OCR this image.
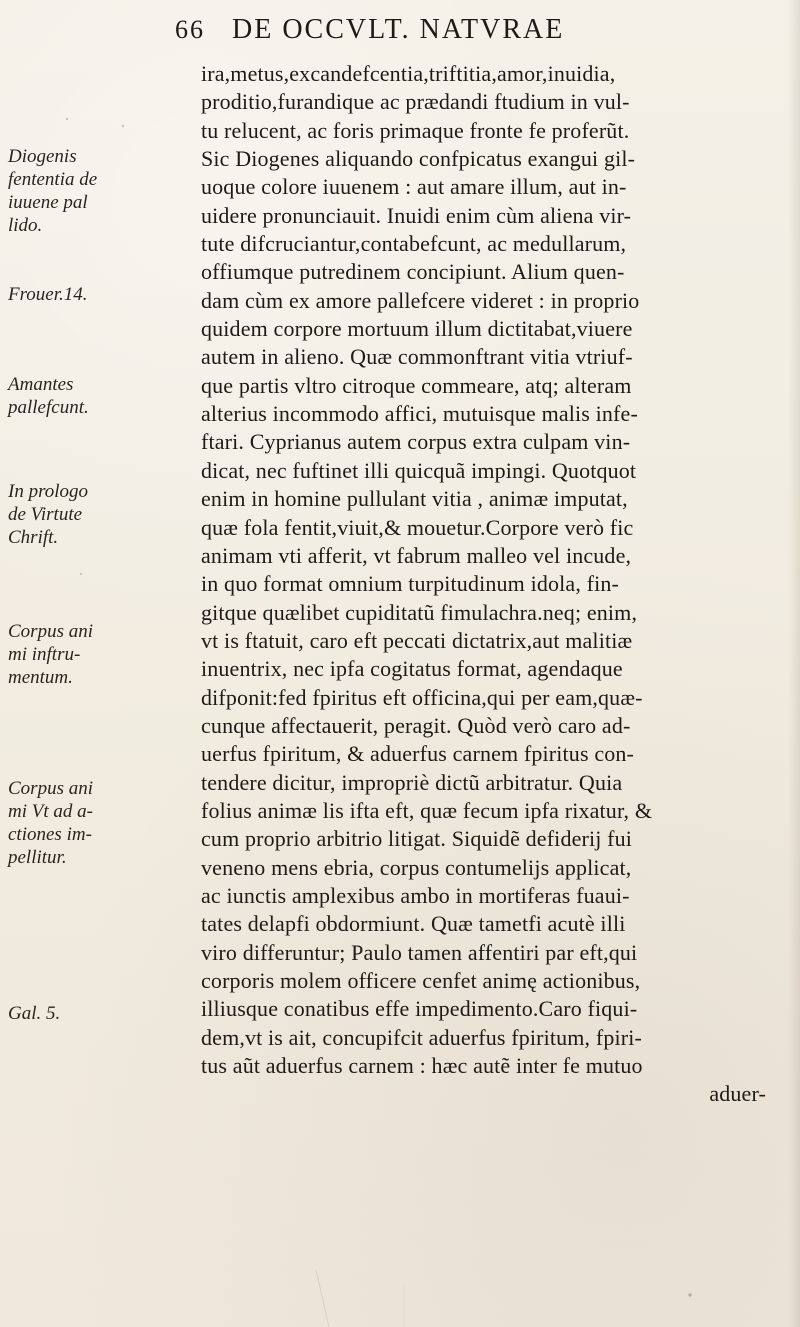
66 DE OCCVLT. NATVRAE
ira,metus,excandefcentia,triftitia,amor,inuidia,
proditio,furandique ac prædandi ftudium in vul-
tu relucent, ac foris primaque fronte fe proferũt.
Sic Diogenes aliquando confpicatus exangui gil-
uoque colore iuuenem : aut amare illum, aut in-
uidere pronunciauit. Inuidi enim cùm aliena vir-
tute difcruciantur,contabefcunt, ac medullarum,
offiumque putredinem concipiunt. Alium quen-
dam cùm ex amore pallefcere videret : in proprio
quidem corpore mortuum illum dictitabat,viuere
autem in alieno. Quæ commonftrant vitia vtriuf-
que partis vltro citroque commeare, atq; alteram
alterius incommodo affici, mutuisque malis infe-
ftari. Cyprianus autem corpus extra culpam vin-
dicat, nec fuftinet illi quicquã impingi. Quotquot
enim in homine pullulant vitia , animæ imputat,
quæ fola fentit,viuit,& mouetur.Corpore verò fic
animam vti afferit, vt fabrum malleo vel incude,
in quo format omnium turpitudinum idola, fin-
gitque quælibet cupiditatũ fimulachra.neq; enim,
vt is ftatuit, caro eft peccati dictatrix,aut malitiæ
inuentrix, nec ipfa cogitatus format, agendaque
difponit:fed fpiritus eft officina,qui per eam,quæ-
cunque affectauerit, peragit. Quòd verò caro ad-
uerfus fpiritum, & aduerfus carnem fpiritus con-
tendere dicitur, impropriè dictũ arbitratur. Quia
folius animæ lis ifta eft, quæ fecum ipfa rixatur, &
cum proprio arbitrio litigat. Siquidẽ defiderij fui
veneno mens ebria, corpus contumelijs applicat,
ac iunctis amplexibus ambo in mortiferas fuaui-
tates delapfi obdormiunt. Quæ tametfi acutè illi
viro differuntur; Paulo tamen affentiri par eft,qui
corporis molem officere cenfet animę actionibus,
illiusque conatibus effe impedimento.Caro fiqui-
dem,vt is ait, concupifcit aduerfus fpiritum, fpiri-
tus aũt aduerfus carnem : hæc autẽ inter fe mutuo
aduer-
Diogenis
fententia de
iuuene pal
lido.
Frouer.14.
Amantes
pallefcunt.
In prologo
de Virtute
Chrift.
Corpus ani
mi inftru-
mentum.
Corpus ani
mi Vt ad a-
ctiones im-
pellitur.
Gal. 5.
